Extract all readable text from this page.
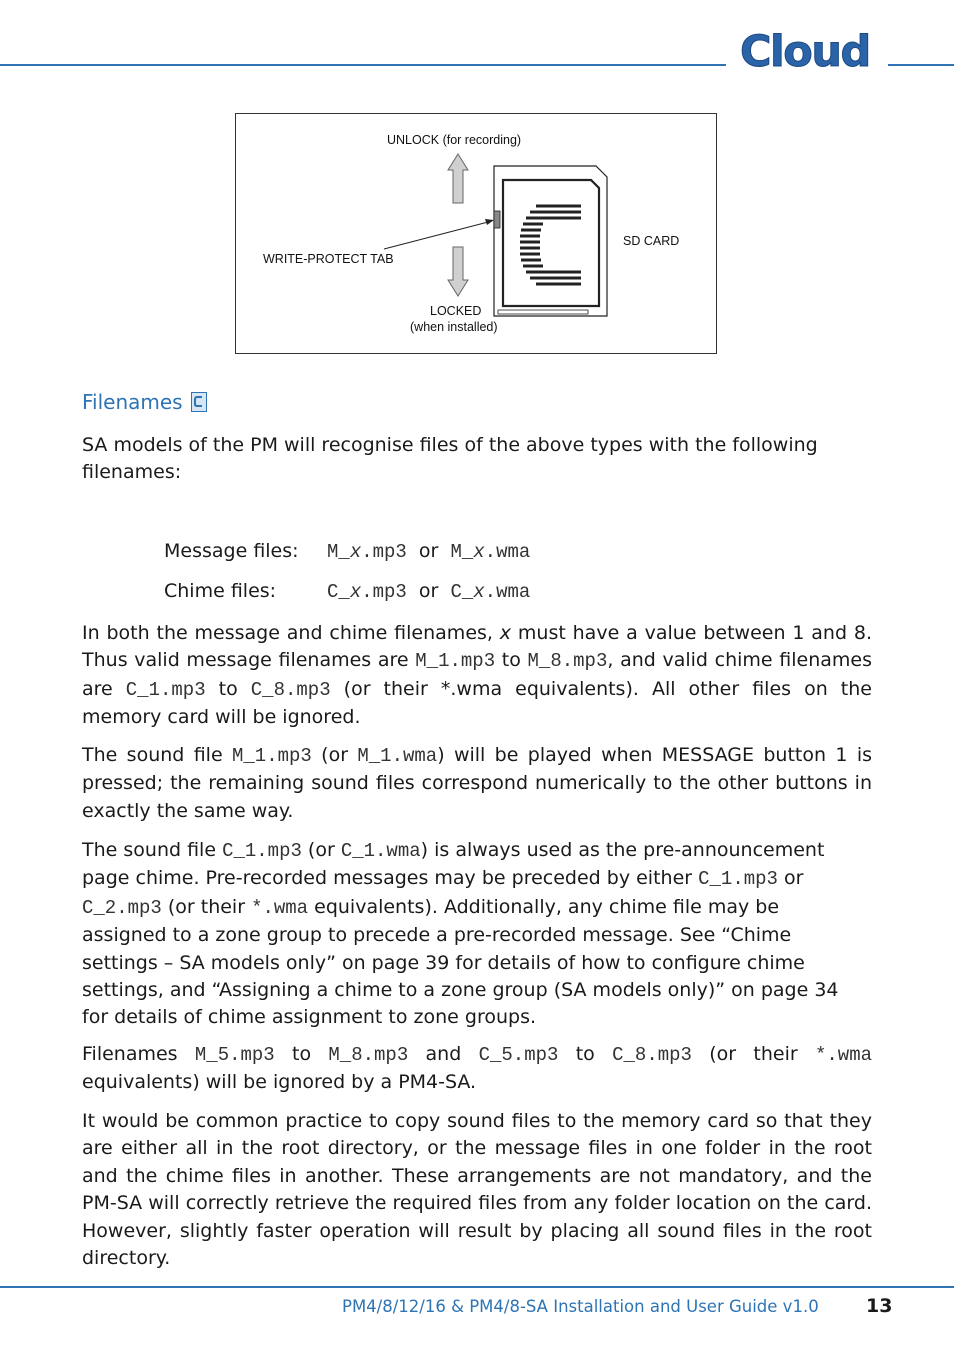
Cloud
UNLOCK (for recording)
WRITE-PROTECT TAB
SD CARD
LOCKED
(when installed)
Filenames

SA models of the PM will recognise files of the above types with the following
filenames:

Message files: M_x.mp3 or M_x.wma
Chime files:	C_x.mp3 or C_x.wma

In both the message and chime filenames, x must have a value between 1 and 8. Thus valid message filenames are M_1.mp3 to M_8.mp3, and valid chime filenames are C_1.mp3 to C_8.mp3 (or their *.wma equivalents). All other files on the memory card will be ignored.

The sound file M_1.mp3 (or M_1.wma) will be played when MESSAGE button 1 is pressed; the remaining sound files correspond numerically to the other buttons in exactly the same way.

The sound file C_1.mp3 (or C_1.wma) is always used as the pre-announcement page chime. Pre-recorded messages may be preceded by either C_1.mp3 or C_2.mp3 (or their *.wma equivalents). Additionally, any chime file may be assigned to a zone group to precede a pre-recorded message. See “Chime settings – SA models only” on page 39 for details of how to configure chime settings, and “Assigning a chime to a zone group (SA models only)” on page 34 for details of chime assignment to zone groups.

Filenames M_5.mp3 to M_8.mp3 and C_5.mp3 to C_8.mp3 (or their *.wma equivalents) will be ignored by a PM4-SA.

It would be common practice to copy sound files to the memory card so that they are either all in the root directory, or the message files in one folder in the root and the chime files in another. These arrangements are not mandatory, and the PM-SA will correctly retrieve the required files from any folder location on the card. However, slightly faster operation will result by placing all sound files in the root directory.

PM4/8/12/16 & PM4/8-SA Installation and User Guide v1.0 13
